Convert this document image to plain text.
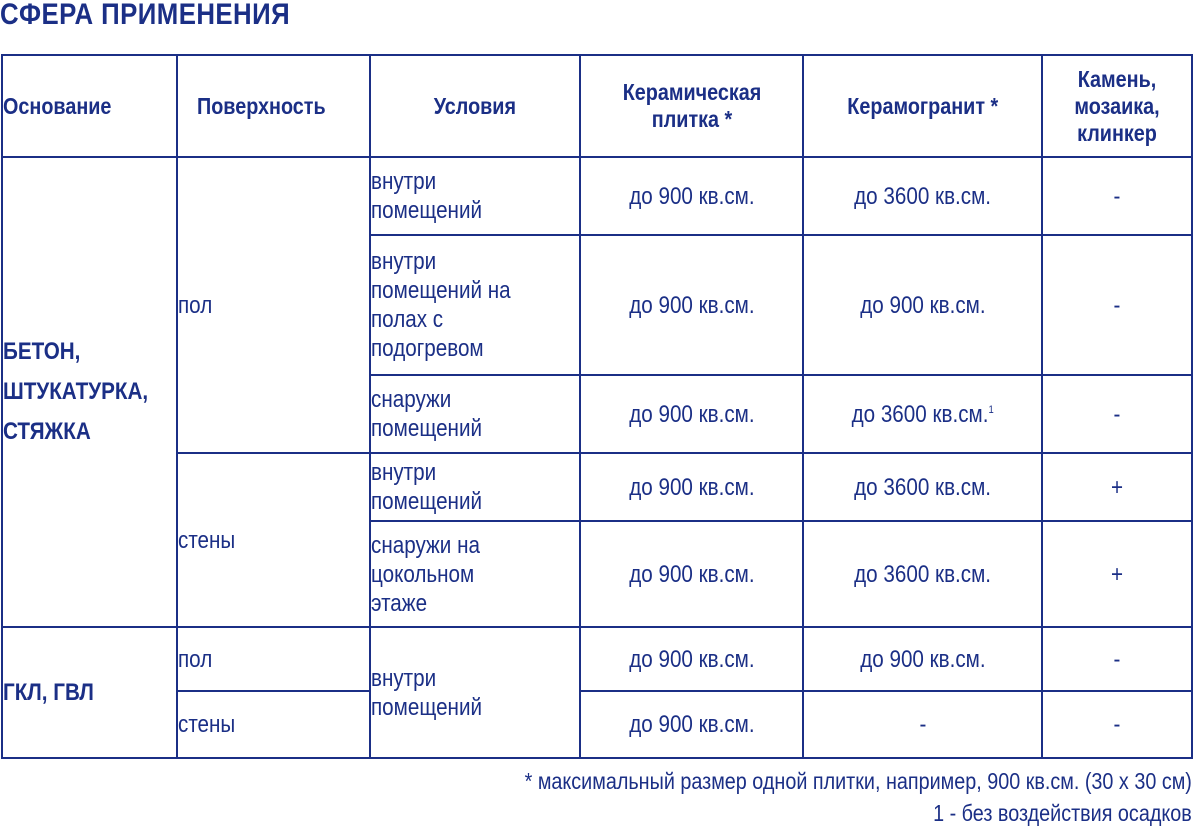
СФЕРА ПРИМЕНЕНИЯ
Основание	Поверхность	Условия	Керамическая плитка *	Керамогранит *	Камень, мозаика, клинкер
БЕТОН, ШТУКАТУРКА, СТЯЖКА	пол	внутри помещений	до 900 кв.см.	до 3600 кв.см.	-
		внутри помещений на полах с подогревом	до 900 кв.см.	до 900 кв.см.	-
		снаружи помещений	до 900 кв.см.	до 3600 кв.см.$^1$	-
	стены	внутри помещений	до 900 кв.см.	до 3600 кв.см.	+
		снаружи на цокольном этаже	до 900 кв.см.	до 3600 кв.см.	+
ГКЛ, ГВЛ	пол	внутри помещений	до 900 кв.см.	до 900 кв.см.	-
	стены		до 900 кв.см.	-	-
* максимальный размер одной плитки, например, 900 кв.см. (30 х 30 см)
1 - без воздействия осадков
